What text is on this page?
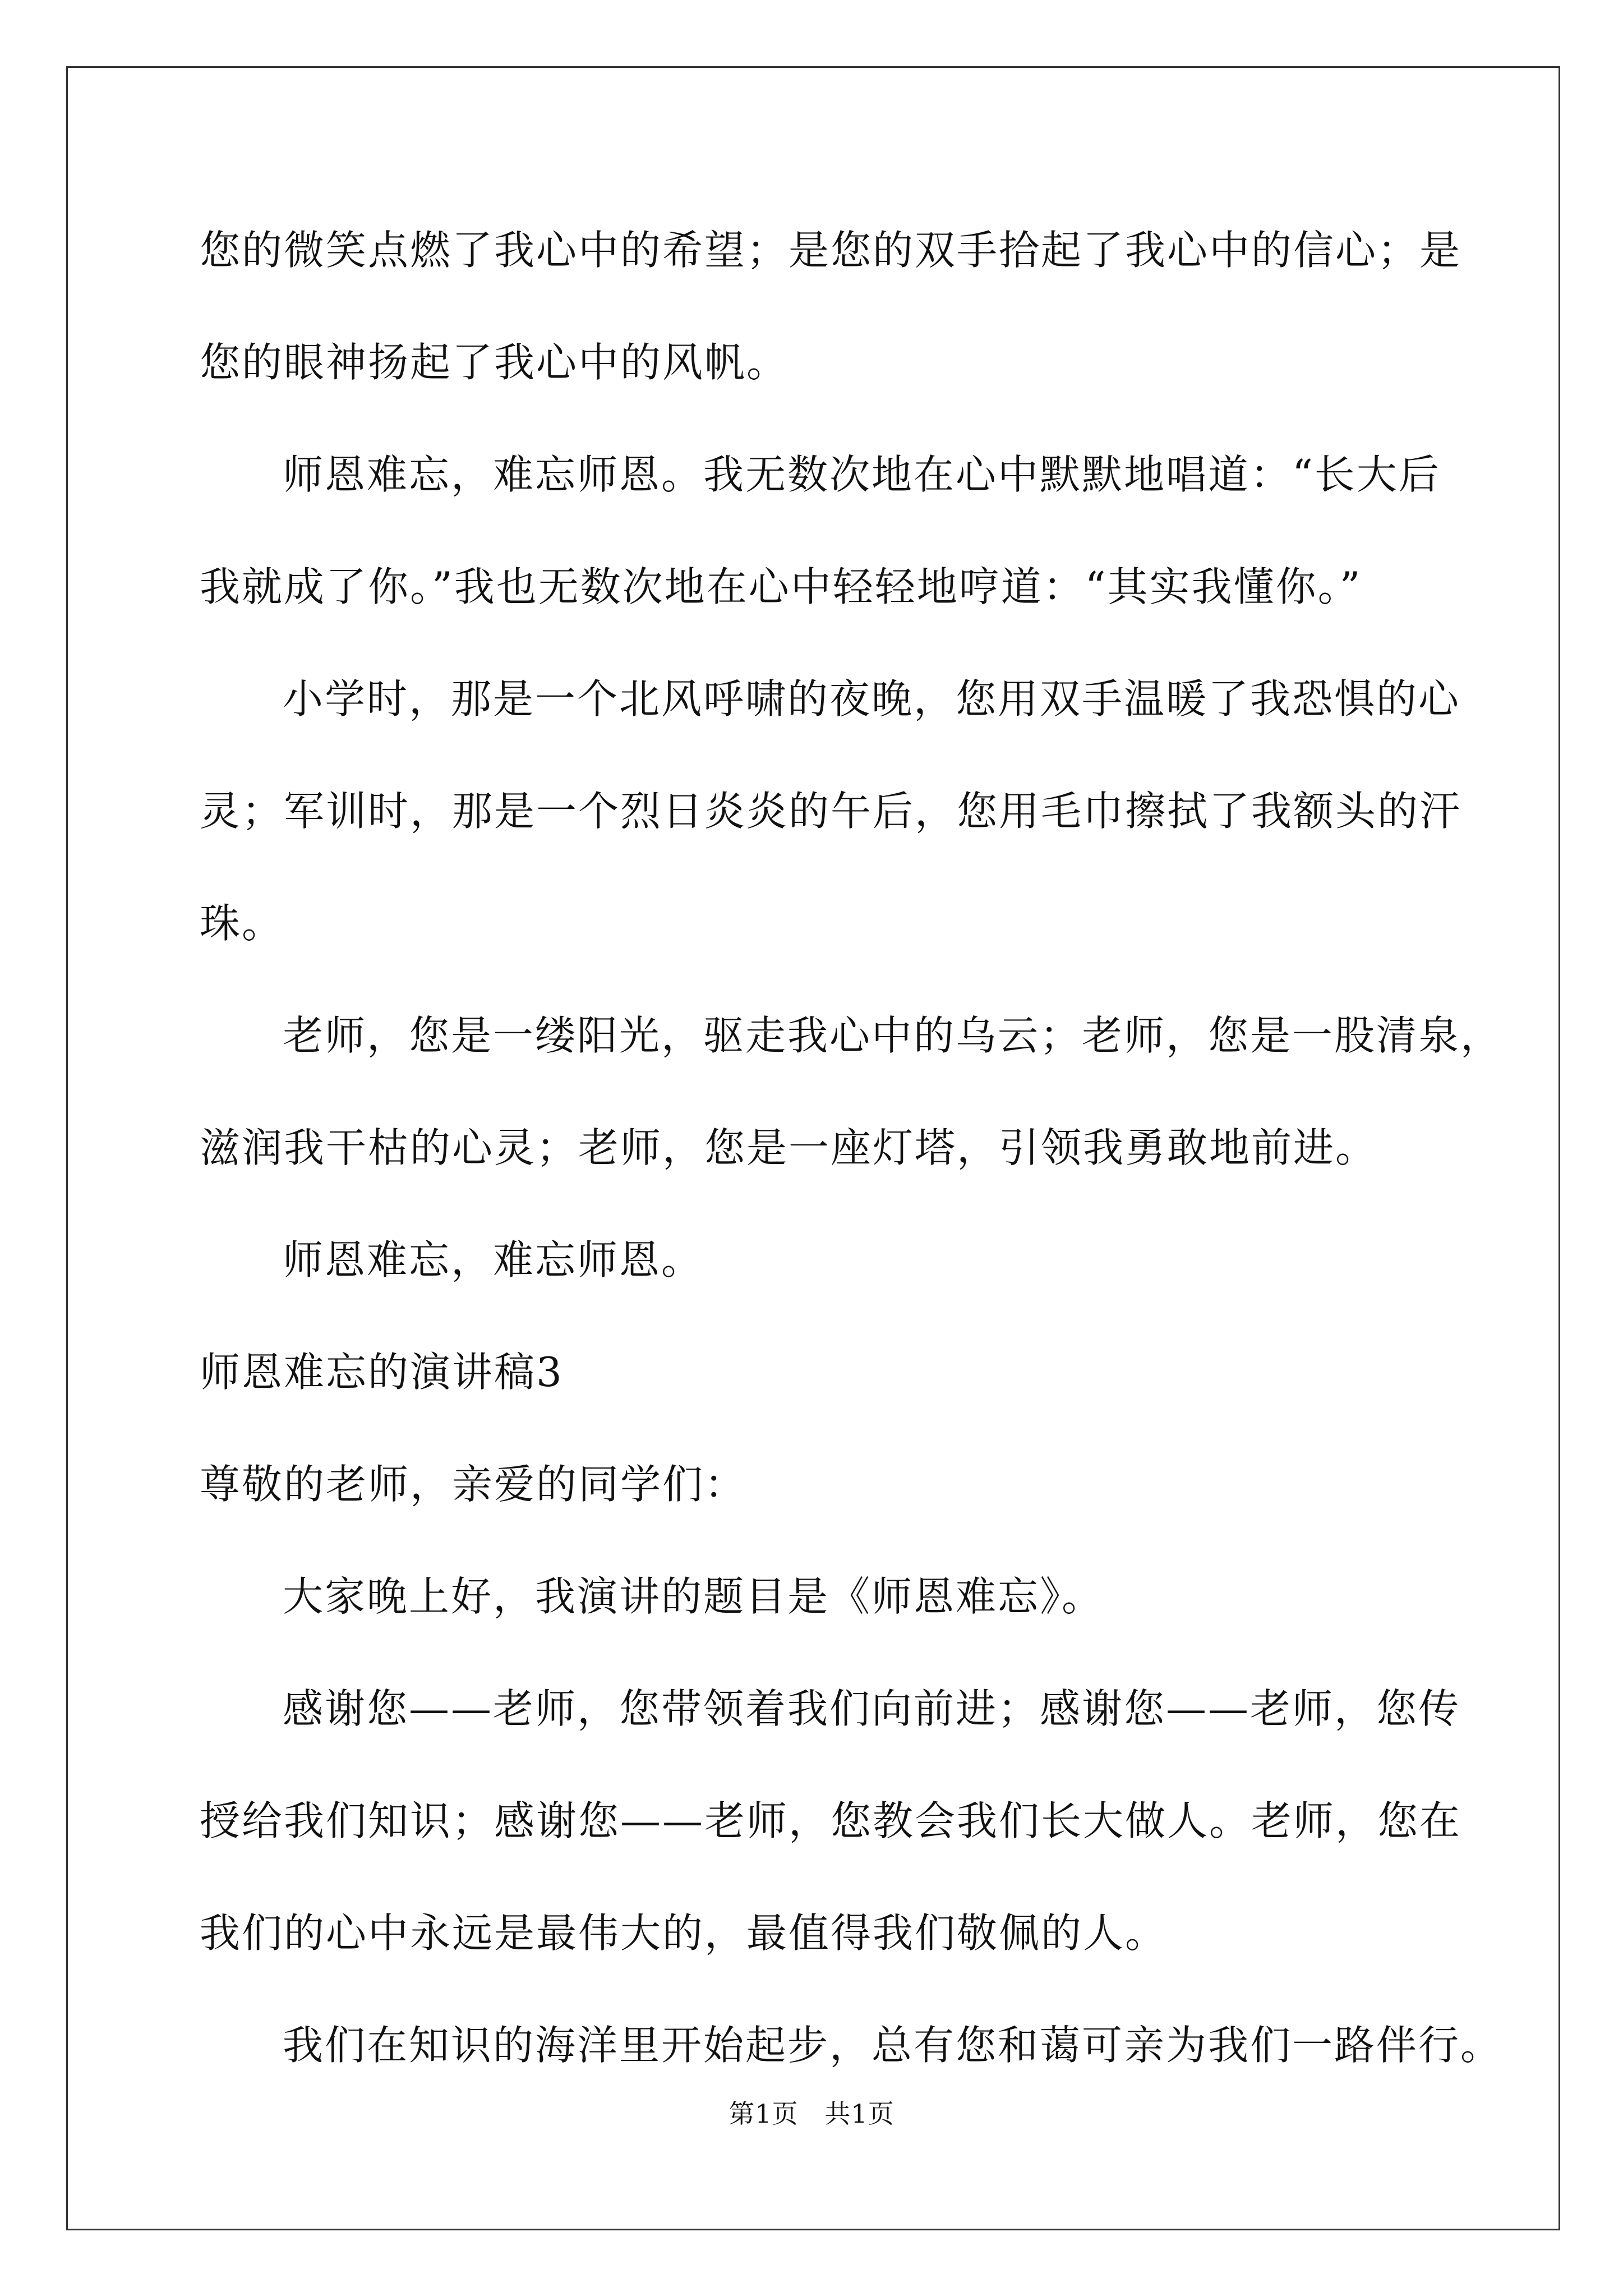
您的微笑点燃了我心中的希望；是您的双手拾起了我心中的信心；是

您的眼神扬起了我心中的风帆。

师恩难忘，难忘师恩。我无数次地在心中默默地唱道：“长大后

我就成了你。”我也无数次地在心中轻轻地哼道：“其实我懂你。”

小学时，那是一个北风呼啸的夜晚，您用双手温暖了我恐惧的心

灵；军训时，那是一个烈日炎炎的午后，您用毛巾擦拭了我额头的汗

珠。

老师，您是一缕阳光，驱走我心中的乌云；老师，您是一股清泉，

滋润我干枯的心灵；老师，您是一座灯塔，引领我勇敢地前进。

师恩难忘，难忘师恩。

师恩难忘的演讲稿3

尊敬的老师，亲爱的同学们：

大家晚上好，我演讲的题目是《师恩难忘》。

感谢您——老师，您带领着我们向前进；感谢您——老师，您传

授给我们知识；感谢您——老师，您教会我们长大做人。老师，您在

我们的心中永远是最伟大的，最值得我们敬佩的人。

我们在知识的海洋里开始起步，总有您和蔼可亲为我们一路伴行。

第1页   共1页
